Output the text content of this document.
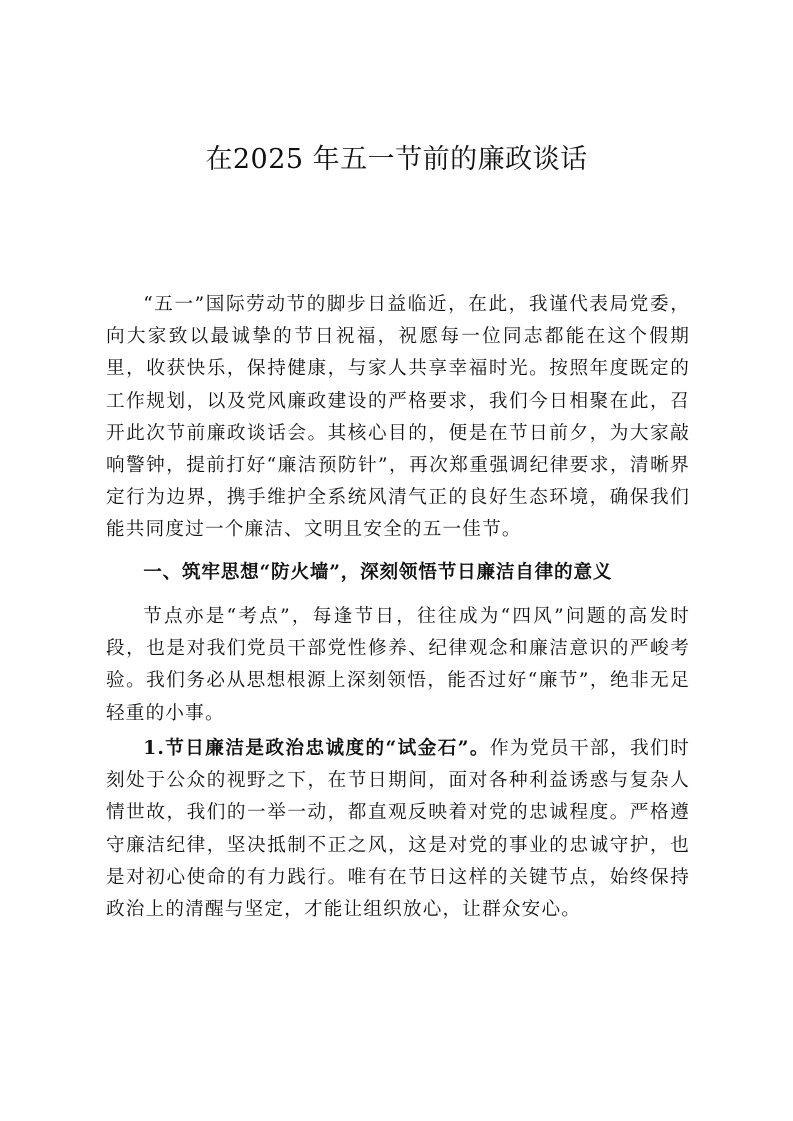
在2025 年五一节前的廉政谈话

“五一”国际劳动节的脚步日益临近，在此，我谨代表局党委，向大家致以最诚挚的节日祝福，祝愿每一位同志都能在这个假期里，收获快乐，保持健康，与家人共享幸福时光。按照年度既定的工作规划，以及党风廉政建设的严格要求，我们今日相聚在此，召开此次节前廉政谈话会。其核心目的，便是在节日前夕，为大家敲响警钟，提前打好“廉洁预防针”，再次郑重强调纪律要求，清晰界定行为边界，携手维护全系统风清气正的良好生态环境，确保我们能共同度过一个廉洁、文明且安全的五一佳节。

一、筑牢思想“防火墙”，深刻领悟节日廉洁自律的意义

节点亦是“考点”，每逢节日，往往成为“四风”问题的高发时段，也是对我们党员干部党性修养、纪律观念和廉洁意识的严峻考验。我们务必从思想根源上深刻领悟，能否过好“廉节”，绝非无足轻重的小事。

1.节日廉洁是政治忠诚度的“试金石”。作为党员干部，我们时刻处于公众的视野之下，在节日期间，面对各种利益诱惑与复杂人情世故，我们的一举一动，都直观反映着对党的忠诚程度。严格遵守廉洁纪律，坚决抵制不正之风，这是对党的事业的忠诚守护，也是对初心使命的有力践行。唯有在节日这样的关键节点，始终保持政治上的清醒与坚定，才能让组织放心，让群众安心。
